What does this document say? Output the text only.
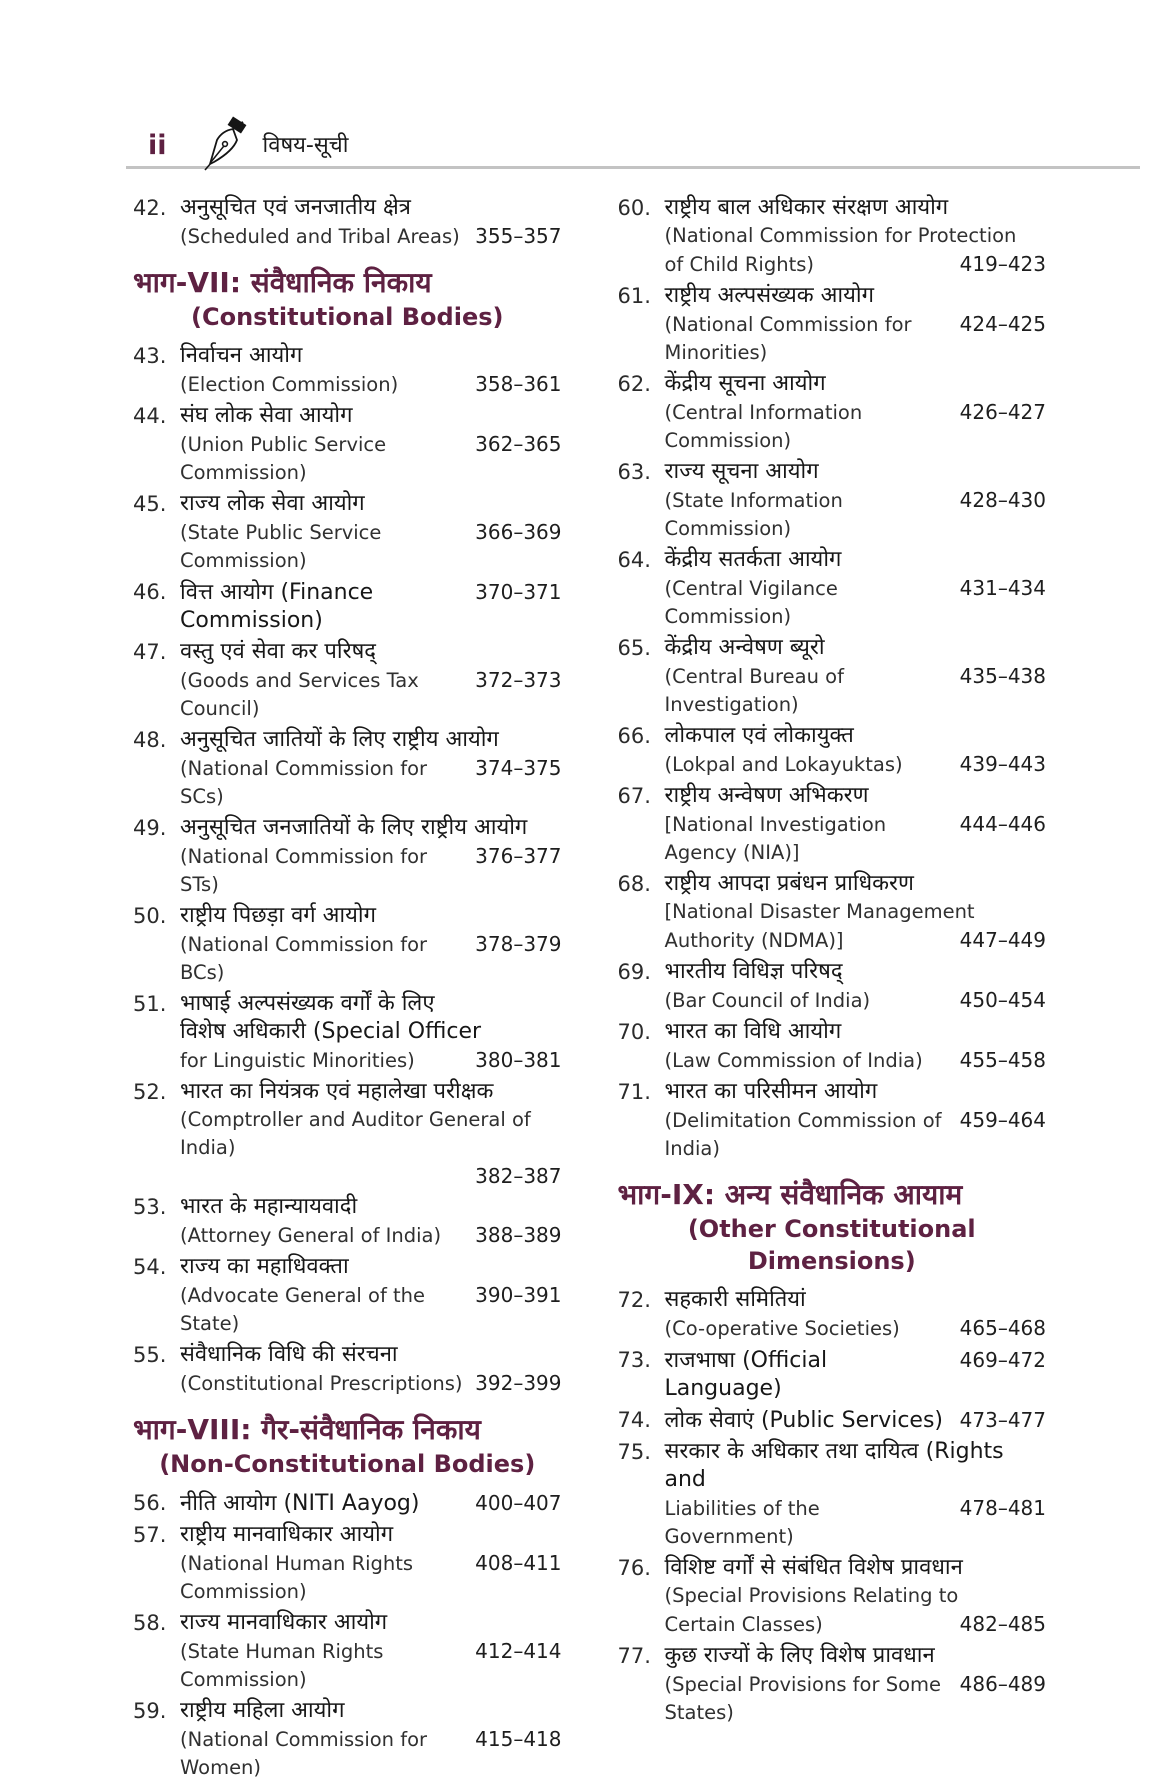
ii	विषय-सूची
42. अनुसूचित एवं जनजातीय क्षेत्र
(Scheduled and Tribal Areas) 355–357
भाग-VII: संवैधानिक निकाय
(Constitutional Bodies)
43. निर्वाचन आयोग
(Election Commission)	358–361
44. संघ लोक सेवा आयोग
(Union Public Service Commission)
362–365
45. राज्य लोक सेवा आयोग
(State Public Service Commission)
366–369
46. वित्त आयोग (Finance Commission)
370–371
47. वस्तु एवं सेवा कर परिषद्
(Goods and Services Tax Council)
372–373
48. अनुसूचित जातियों के लिए राष्ट्रीय आयोग
(National Commission for SCs)
374–375
49. अनुसूचित जनजातियों के लिए राष्ट्रीय आयोग
(National Commission for STs)
376–377
50. राष्ट्रीय पिछड़ा वर्ग आयोग
(National Commission for BCs)
378–379
51. भाषाई अल्पसंख्यक वर्गों के लिए
विशेष अधिकारी (Special Officer
for Linguistic Minorities)	380–381
52. भारत का नियंत्रक एवं महालेखा परीक्षक
(Comptroller and Auditor General of India)
382–387
53. भारत के महान्यायवादी
(Attorney General of India) 388–389
54. राज्य का महाधिवक्ता
(Advocate General of the State)
390–391
55. संवैधानिक विधि की संरचना
(Constitutional Prescriptions) 392–399
भाग-VIII: गैर-संवैधानिक निकाय
(Non-Constitutional Bodies)
56. नीति आयोग (NITI Aayog)	400–407
57. राष्ट्रीय मानवाधिकार आयोग
(National Human Rights Commission)
408–411
58. राज्य मानवाधिकार आयोग
(State Human Rights Commission)
412–414
59. राष्ट्रीय महिला आयोग
(National Commission for Women)
415–418
60. राष्ट्रीय बाल अधिकार संरक्षण आयोग
(National Commission for Protection
of Child Rights)	419–423
61. राष्ट्रीय अल्पसंख्यक आयोग
(National Commission for Minorities)
424–425
62. केंद्रीय सूचना आयोग
(Central Information Commission)
426–427
63. राज्य सूचना आयोग
(State Information Commission)
428–430
64. केंद्रीय सतर्कता आयोग
(Central Vigilance Commission)
431–434
65. केंद्रीय अन्वेषण ब्यूरो
(Central Bureau of Investigation)
435–438
66. लोकपाल एवं लोकायुक्त
(Lokpal and Lokayuktas)	439–443
67. राष्ट्रीय अन्वेषण अभिकरण
[National Investigation Agency (NIA)]
444–446
68. राष्ट्रीय आपदा प्रबंधन प्राधिकरण
[National Disaster Management
Authority (NDMA)]	447–449
69. भारतीय विधिज्ञ परिषद्
(Bar Council of India)	450–454
70. भारत का विधि आयोग
(Law Commission of India) 455–458
71. भारत का परिसीमन आयोग
(Delimitation Commission of India)
459–464
भाग-IX: अन्य संवैधानिक आयाम
(Other Constitutional Dimensions)
72. सहकारी समितियां
(Co-operative Societies)	465–468
73. राजभाषा (Official Language)
469–472
74. लोक सेवाएं (Public Services) 473–477
75. सरकार के अधिकार तथा दायित्व (Rights and
Liabilities of the Government)
478–481
76. विशिष्ट वर्गों से संबंधित विशेष प्रावधान
(Special Provisions Relating to
Certain Classes)	482–485
77. कुछ राज्यों के लिए विशेष प्रावधान
(Special Provisions for Some States)
486–489
